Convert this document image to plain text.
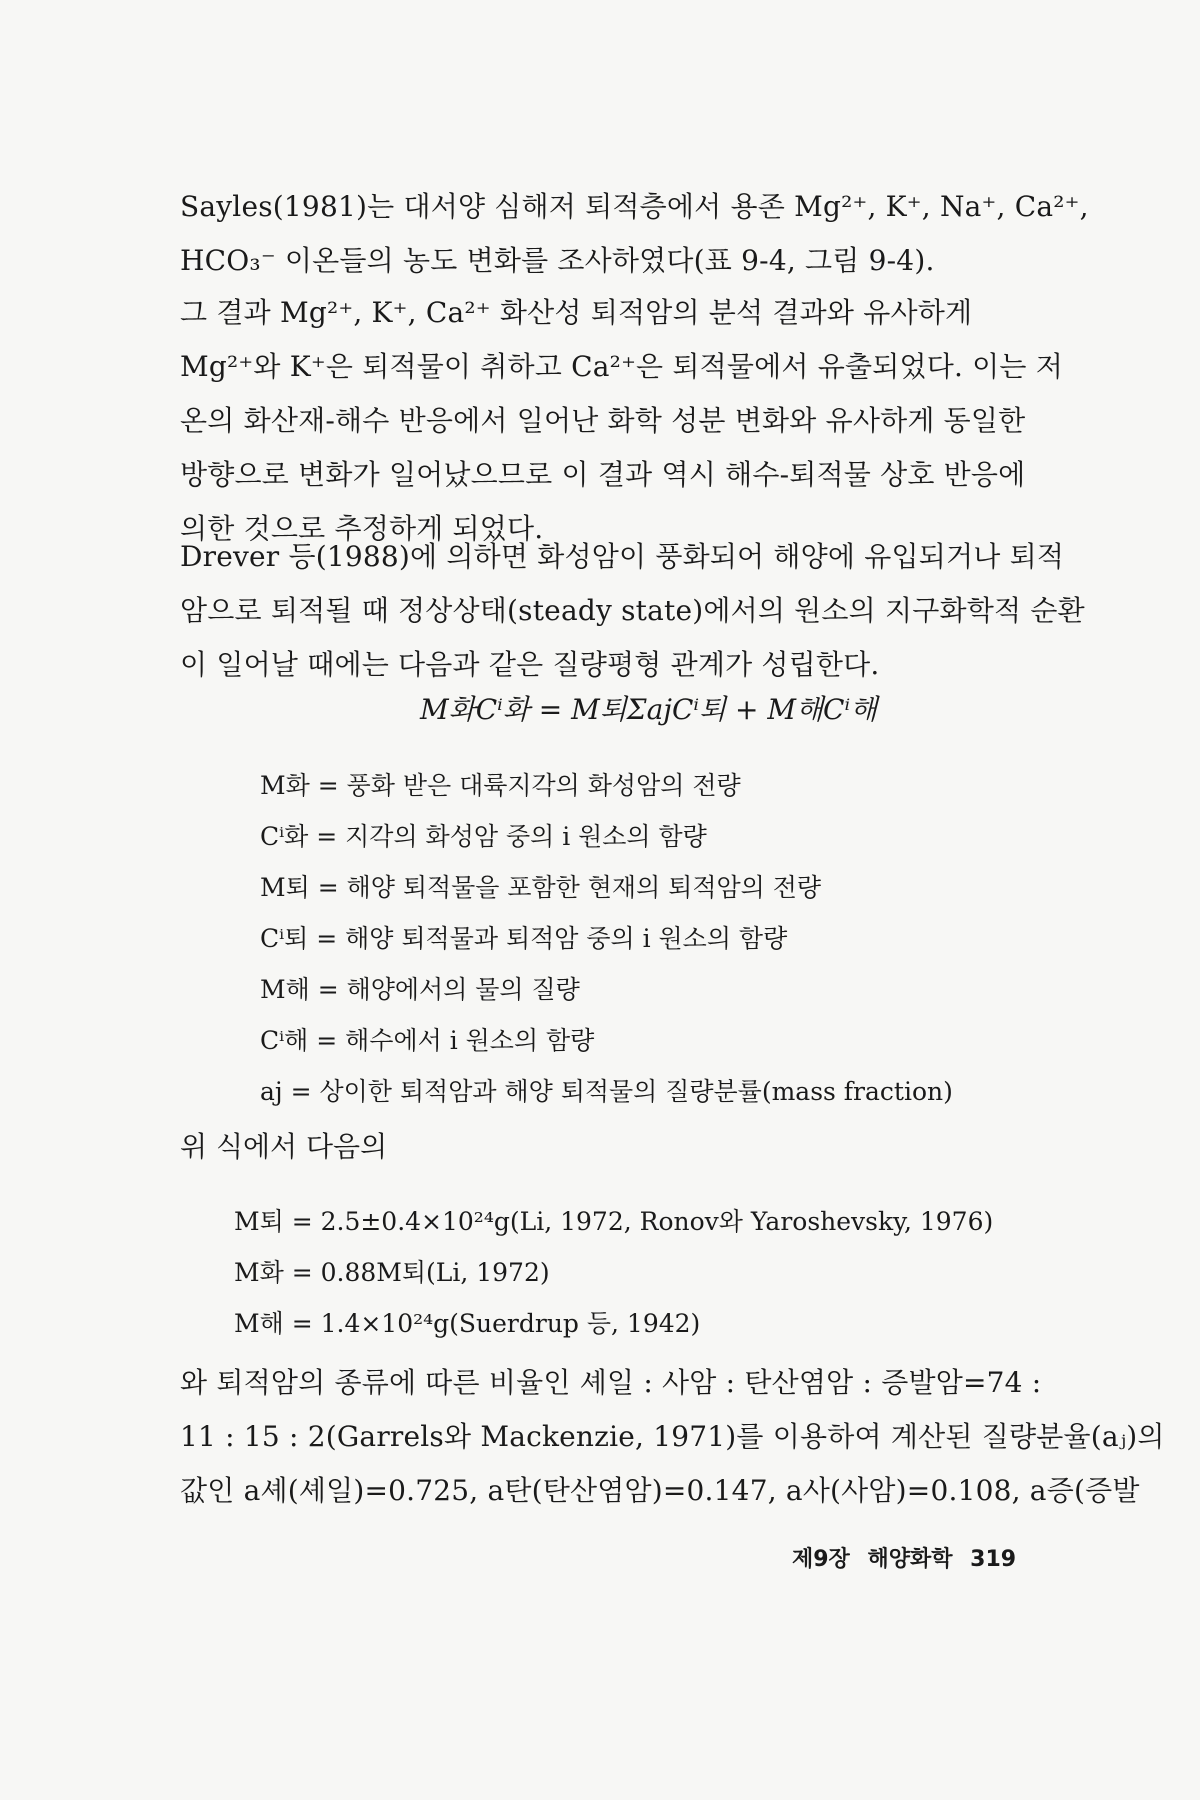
Sayles(1981)는 대서양 심해저 퇴적층에서 용존 Mg²⁺, K⁺, Na⁺, Ca²⁺,
HCO₃⁻ 이온들의 농도 변화를 조사하였다(표 9-4, 그림 9-4).

그 결과 Mg²⁺, K⁺, Ca²⁺ 화산성 퇴적암의 분석 결과와 유사하게
Mg²⁺와 K⁺은 퇴적물이 취하고 Ca²⁺은 퇴적물에서 유출되었다. 이는 저
온의 화산재-해수 반응에서 일어난 화학 성분 변화와 유사하게 동일한
방향으로 변화가 일어났으므로 이 결과 역시 해수-퇴적물 상호 반응에
의한 것으로 추정하게 되었다.

Drever 등(1988)에 의하면 화성암이 풍화되어 해양에 유입되거나 퇴적
암으로 퇴적될 때 정상상태(steady state)에서의 원소의 지구화학적 순환
이 일어날 때에는 다음과 같은 질량평형 관계가 성립한다.

M화Cⁱ화 = M퇴ΣajCⁱ퇴 + M해Cⁱ해
M화 = 풍화 받은 대륙지각의 화성암의 전량
Cⁱ화 = 지각의 화성암 중의 i 원소의 함량
M퇴 = 해양 퇴적물을 포함한 현재의 퇴적암의 전량
Cⁱ퇴 = 해양 퇴적물과 퇴적암 중의 i 원소의 함량
M해 = 해양에서의 물의 질량
Cⁱ해 = 해수에서 i 원소의 함량
aj = 상이한 퇴적암과 해양 퇴적물의 질량분률(mass fraction)
위 식에서 다음의
M퇴 = 2.5±0.4×10²⁴g(Li, 1972, Ronov와 Yaroshevsky, 1976)
M화 = 0.88M퇴(Li, 1972)
M해 = 1.4×10²⁴g(Suerdrup 등, 1942)

와 퇴적암의 종류에 따른 비율인 셰일 : 사암 : 탄산염암 : 증발암=74 :
11 : 15 : 2(Garrels와 Mackenzie, 1971)를 이용하여 계산된 질량분율(aⱼ)의
값인 a셰(셰일)=0.725, a탄(탄산염암)=0.147, a사(사암)=0.108, a증(증발

제9장 해양화학 319
